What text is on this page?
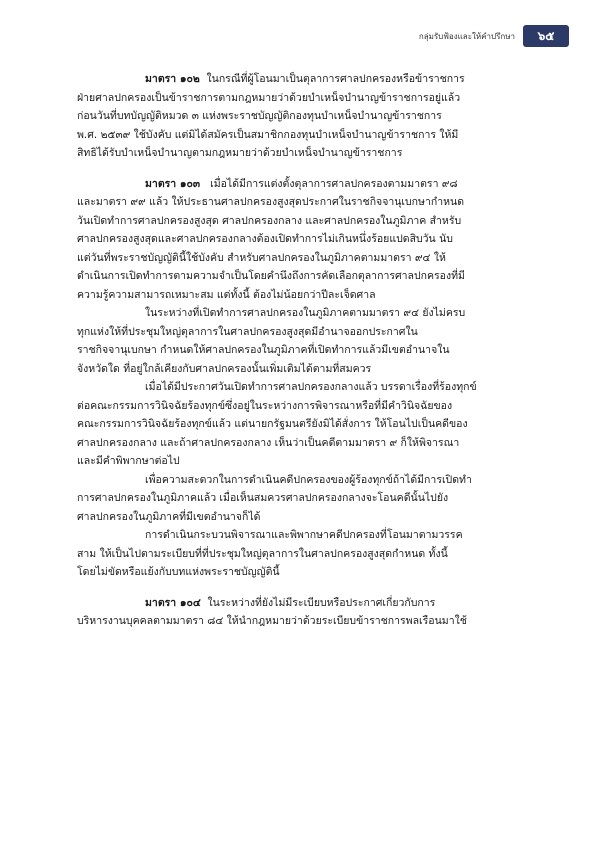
กลุ่มรับฟ้องและให้คำปรึกษา	๖๕

มาตรา ๑๐๒ ในกรณีที่ผู้โอนมาเป็นตุลาการศาลปกครองหรือข้าราชการ
ฝ่ายศาลปกครองเป็นข้าราชการตามกฎหมายว่าด้วยบำเหน็จบำนาญข้าราชการอยู่แล้ว
ก่อนวันที่บทบัญญัติหมวด ๓ แห่งพระราชบัญญัติกองทุนบำเหน็จบำนาญข้าราชการ
พ.ศ. ๒๕๓๙ ใช้บังคับ แต่มิได้สมัครเป็นสมาชิกกองทุนบำเหน็จบำนาญข้าราชการ ให้มี
สิทธิได้รับบำเหน็จบำนาญตามกฎหมายว่าด้วยบำเหน็จบำนาญข้าราชการ

มาตรา ๑๐๓ เมื่อได้มีการแต่งตั้งตุลาการศาลปกครองตามมาตรา ๙๘
และมาตรา ๙๙ แล้ว ให้ประธานศาลปกครองสูงสุดประกาศในราชกิจจานุเบกษากำหนด
วันเปิดทำการศาลปกครองสูงสุด ศาลปกครองกลาง และศาลปกครองในภูมิภาค สำหรับ
ศาลปกครองสูงสุดและศาลปกครองกลางต้องเปิดทำการไม่เกินหนึ่งร้อยแปดสิบวัน นับ
แต่วันที่พระราชบัญญัตินี้ใช้บังคับ สำหรับศาลปกครองในภูมิภาคตามมาตรา ๙๔ ให้
ดำเนินการเปิดทำการตามความจำเป็นโดยคำนึงถึงการคัดเลือกตุลาการศาลปกครองที่มี
ความรู้ความสามารถเหมาะสม แต่ทั้งนี้ ต้องไม่น้อยกว่าปีละเจ็ดศาล

ในระหว่างที่เปิดทำการศาลปกครองในภูมิภาคตามมาตรา ๙๔ ยังไม่ครบ
ทุกแห่งให้ที่ประชุมใหญ่ตุลาการในศาลปกครองสูงสุดมีอำนาจออกประกาศใน
ราชกิจจานุเบกษา กำหนดให้ศาลปกครองในภูมิภาคที่เปิดทำการแล้วมีเขตอำนาจใน
จังหวัดใด ที่อยู่ใกล้เคียงกับศาลปกครองนั้นเพิ่มเติมได้ตามที่สมควร

เมื่อได้มีประกาศวันเปิดทำการศาลปกครองกลางแล้ว บรรดาเรื่องที่ร้องทุกข์
ต่อคณะกรรมการวินิจฉัยร้องทุกข์ซึ่งอยู่ในระหว่างการพิจารณาหรือที่มีคำวินิจฉัยของ
คณะกรรมการวินิจฉัยร้องทุกข์แล้ว แต่นายกรัฐมนตรียังมิได้สั่งการ ให้โอนไปเป็นคดีของ
ศาลปกครองกลาง และถ้าศาลปกครองกลาง เห็นว่าเป็นคดีตามมาตรา ๙ ก็ให้พิจารณา
และมีคำพิพากษาต่อไป

เพื่อความสะดวกในการดำเนินคดีปกครองของผู้ร้องทุกข์ถ้าได้มีการเปิดทำ
การศาลปกครองในภูมิภาคแล้ว เมื่อเห็นสมควรศาลปกครองกลางจะโอนคดีนั้นไปยัง
ศาลปกครองในภูมิภาคที่มีเขตอำนาจก็ได้

การดำเนินกระบวนพิจารณาและพิพากษาคดีปกครองที่โอนมาตามวรรค
สาม ให้เป็นไปตามระเบียบที่ที่ประชุมใหญ่ตุลาการในศาลปกครองสูงสุดกำหนด ทั้งนี้
โดยไม่ขัดหรือแย้งกับบทแห่งพระราชบัญญัตินี้

มาตรา ๑๐๔ ในระหว่างที่ยังไม่มีระเบียบหรือประกาศเกี่ยวกับการ
บริหารงานบุคคลตามมาตรา ๘๔ ให้นำกฎหมายว่าด้วยระเบียบข้าราชการพลเรือนมาใช้
